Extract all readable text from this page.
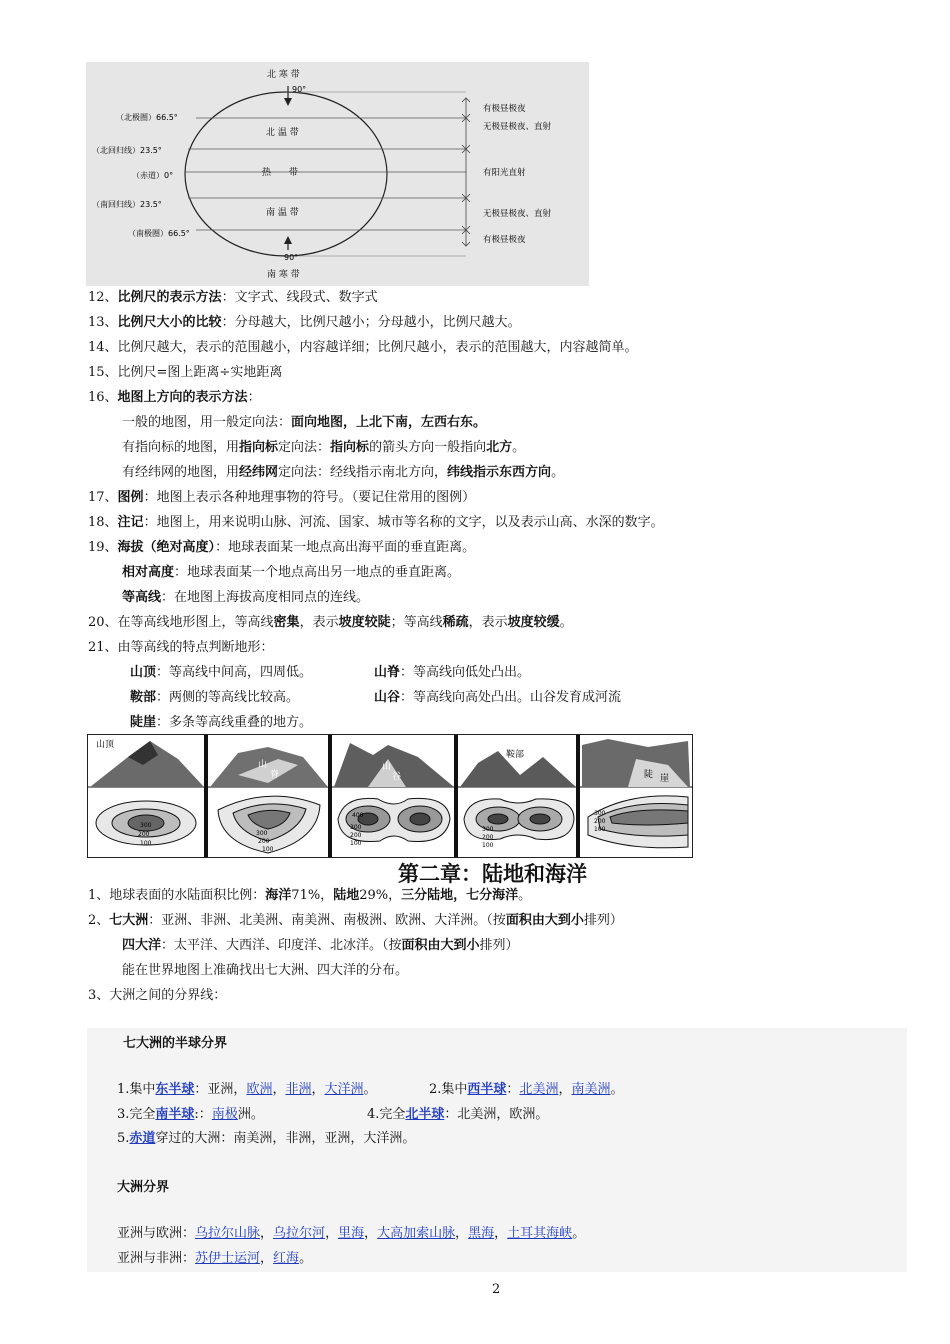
北 寒 带
90°
（北极圈）66.5°
（北回归线）23.5°
（赤道）0°
（南回归线）23.5°
（南极圈）66.5°
北 温 带
热　　带
南 温 带
90°
南 寒 带
有极昼极夜
无极昼极夜、直射
有阳光直射
无极昼极夜、直射
有极昼极夜
12、比例尺的表示方法：文字式、线段式、数字式
13、比例尺大小的比较：分母越大，比例尺越小；分母越小，比例尺越大。
14、比例尺越大，表示的范围越小，内容越详细；比例尺越小，表示的范围越大，内容越简单。
15、比例尺=图上距离÷实地距离
16、地图上方向的表示方法：
一般的地图，用一般定向法：面向地图，上北下南，左西右东。
有指向标的地图，用指向标定向法：指向标的箭头方向一般指向北方。
有经纬网的地图，用经纬网定向法：经线指示南北方向，纬线指示东西方向。
17、图例：地图上表示各种地理事物的符号。（要记住常用的图例）
18、注记：地图上，用来说明山脉、河流、国家、城市等名称的文字，以及表示山高、水深的数字。
19、海拔（绝对高度）：地球表面某一地点高出海平面的垂直距离。
相对高度：地球表面某一个地点高出另一地点的垂直距离。
等高线：在地图上海拔高度相同点的连线。
20、在等高线地形图上，等高线密集，表示坡度较陡；等高线稀疏，表示坡度较缓。
21、由等高线的特点判断地形：
山顶：等高线中间高，四周低。	山脊：等高线向低处凸出。
鞍部：两侧的等高线比较高。	山谷：等高线向高处凸出。山谷发育成河流
陡崖：多条等高线重叠的地方。
山顶
300
200
100
山
脊
300
200
100
山
谷
400
300
200
100
鞍部
300
200
100
陡 崖
300
200
100
第二章：陆地和海洋
1、地球表面的水陆面积比例：海洋71%，陆地29%，三分陆地，七分海洋。
2、七大洲：亚洲、非洲、北美洲、南美洲、南极洲、欧洲、大洋洲。（按面积由大到小排列）
四大洋：太平洋、大西洋、印度洋、北冰洋。（按面积由大到小排列）
能在世界地图上准确找出七大洲、四大洋的分布。
3、大洲之间的分界线：
七大洲的半球分界
1.集中东半球：亚洲，欧洲，非洲，大洋洲。	2.集中西半球：北美洲，南美洲。
3.完全南半球:：南极洲。	4.完全北半球：北美洲，欧洲。
5.赤道穿过的大洲：南美洲，非洲，亚洲，大洋洲。
大洲分界
亚洲与欧洲：乌拉尔山脉，乌拉尔河，里海，大高加索山脉，黑海，土耳其海峡。
亚洲与非洲：苏伊士运河，红海。
2
